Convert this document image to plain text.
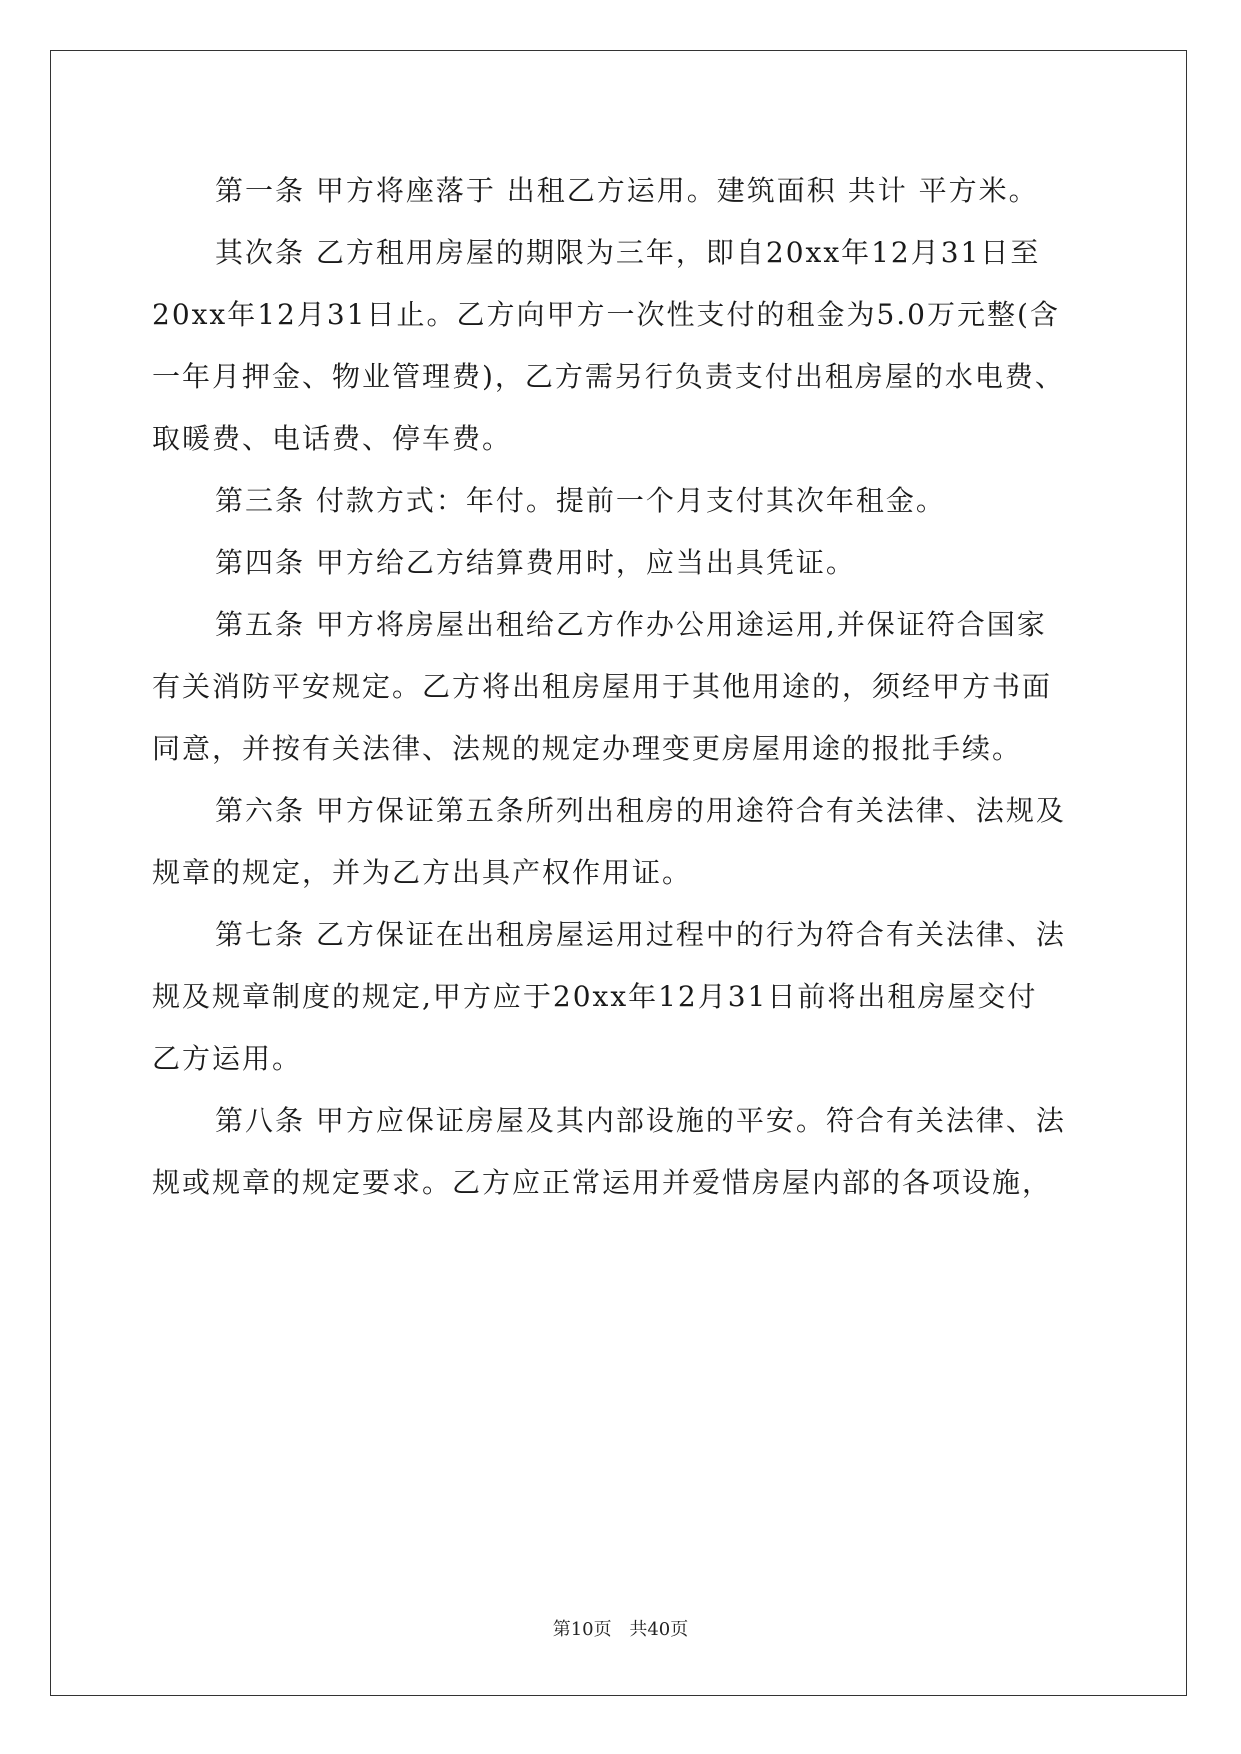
第一条 甲方将座落于 出租乙方运用。建筑面积 共计 平方米。
其次条 乙方租用房屋的期限为三年，即自20xx年12月31日至
20xx年12月31日止。乙方向甲方一次性支付的租金为5.0万元整(含
一年月押金、物业管理费)，乙方需另行负责支付出租房屋的水电费、
取暖费、电话费、停车费。
第三条 付款方式：年付。提前一个月支付其次年租金。
第四条 甲方给乙方结算费用时，应当出具凭证。
第五条 甲方将房屋出租给乙方作办公用途运用,并保证符合国家
有关消防平安规定。乙方将出租房屋用于其他用途的，须经甲方书面
同意，并按有关法律、法规的规定办理变更房屋用途的报批手续。
第六条 甲方保证第五条所列出租房的用途符合有关法律、法规及
规章的规定，并为乙方出具产权作用证。
第七条 乙方保证在出租房屋运用过程中的行为符合有关法律、法
规及规章制度的规定,甲方应于20xx年12月31日前将出租房屋交付
乙方运用。
第八条 甲方应保证房屋及其内部设施的平安。符合有关法律、法
规或规章的规定要求。乙方应正常运用并爱惜房屋内部的各项设施，
第10页 共40页
